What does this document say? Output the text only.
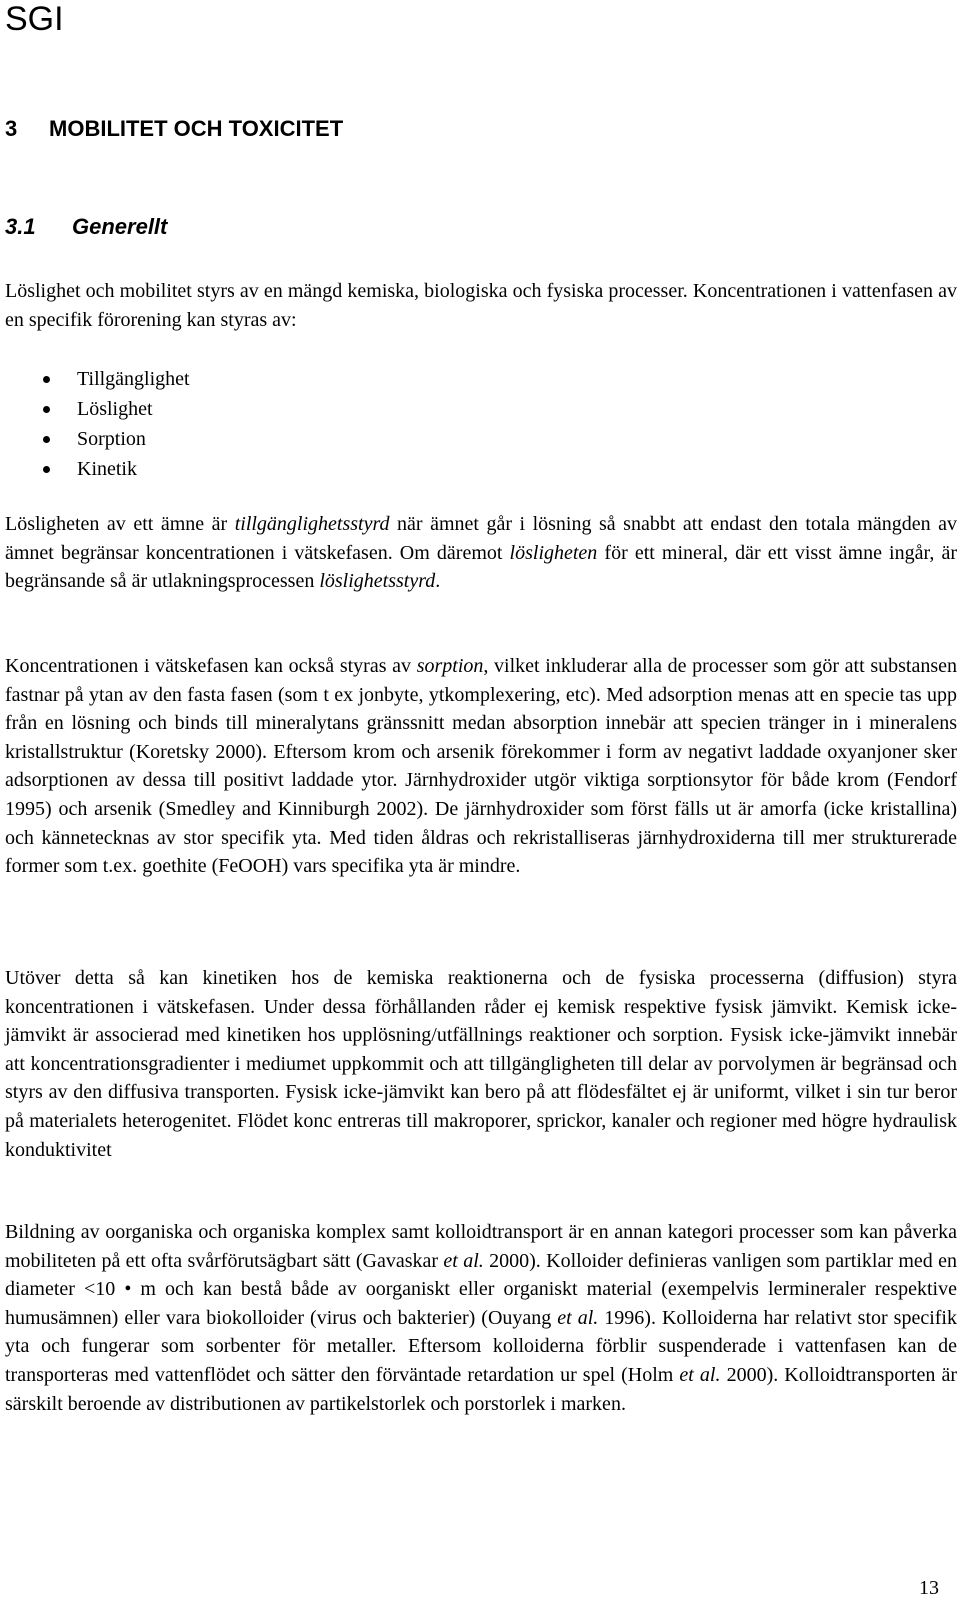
SGI
3 MOBILITET OCH TOXICITET
3.1 Generellt

Löslighet och mobilitet styrs av en mängd kemiska, biologiska och fysiska processer. Koncentrationen i vattenfasen av en specifik förorening kan styras av:

Tillgänglighet
Löslighet
Sorption
Kinetik

Lösligheten av ett ämne är tillgänglighetsstyrd när ämnet går i lösning så snabbt att endast den totala mängden av ämnet begränsar koncentrationen i vätskefasen. Om däremot lösligheten för ett mineral, där ett visst ämne ingår, är begränsande så är utlakningsprocessen löslighetsstyrd.

Koncentrationen i vätskefasen kan också styras av sorption, vilket inkluderar alla de processer som gör att substansen fastnar på ytan av den fasta fasen (som t ex jonbyte, ytkomplexering, etc). Med adsorption menas att en specie tas upp från en lösning och binds till mineralytans gränssnitt medan absorption innebär att specien tränger in i mineralens kristallstruktur (Koretsky 2000). Eftersom krom och arsenik förekommer i form av negativt laddade oxyanjoner sker adsorptionen av dessa till positivt laddade ytor. Järnhydroxider utgör viktiga sorptionsytor för både krom (Fendorf 1995) och arsenik (Smedley and Kinniburgh 2002). De järnhydroxider som först fälls ut är amorfa (icke kristallina) och kännetecknas av stor specifik yta. Med tiden åldras och rekristalliseras järnhydroxiderna till mer strukturerade former som t.ex. goethite (FeOOH) vars specifika yta är mindre.

Utöver detta så kan kinetiken hos de kemiska reaktionerna och de fysiska processerna (diffusion) styra koncentrationen i vätskefasen. Under dessa förhållanden råder ej kemisk respektive fysisk jämvikt. Kemisk icke-jämvikt är associerad med kinetiken hos upplösning/utfällnings reaktioner och sorption. Fysisk icke-jämvikt innebär att koncentrationsgradienter i mediumet uppkommit och att tillgängligheten till delar av porvolymen är begränsad och styrs av den diffusiva transporten. Fysisk icke-jämvikt kan bero på att flödesfältet ej är uniformt, vilket i sin tur beror på materialets heterogenitet. Flödet konc entreras till makroporer, sprickor, kanaler och regioner med högre hydraulisk konduktivitet

Bildning av oorganiska och organiska komplex samt kolloidtransport är en annan kategori processer som kan påverka mobiliteten på ett ofta svårförutsägbart sätt (Gavaskar et al. 2000). Kolloider definieras vanligen som partiklar med en diameter <10 • m och kan bestå både av oorganiskt eller organiskt material (exempelvis lermineraler respektive humusämnen) eller vara biokolloider (virus och bakterier) (Ouyang et al. 1996). Kolloiderna har relativt stor specifik yta och fungerar som sorbenter för metaller. Eftersom kolloiderna förblir suspenderade i vattenfasen kan de transporteras med vattenflödet och sätter den förväntade retardation ur spel (Holm et al. 2000). Kolloidtransporten är särskilt beroende av distributionen av partikelstorlek och porstorlek i marken.

13
